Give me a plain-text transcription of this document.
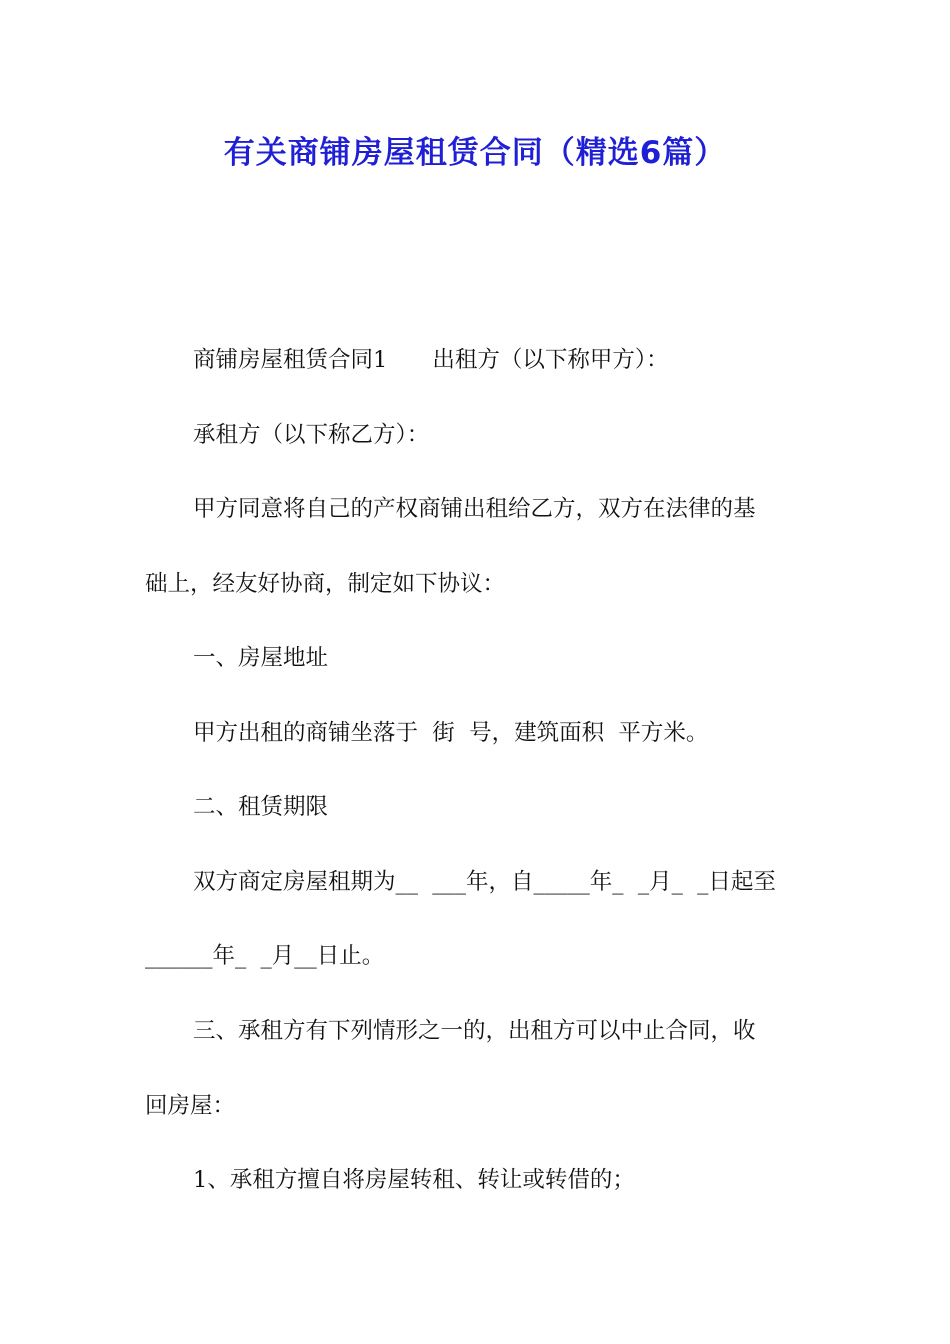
有关商铺房屋租赁合同（精选6篇）

商铺房屋租赁合同1　　出租方（以下称甲方）：

承租方（以下称乙方）：

甲方同意将自己的产权商铺出租给乙方，双方在法律的基

础上，经友好协商，制定如下协议：

一、房屋地址

甲方出租的商铺坐落于  街  号，建筑面积  平方米。

二、租赁期限

双方商定房屋租期为__  ___年，自_____年_  _月_  _日起至

______年_  _月__日止。

三、承租方有下列情形之一的，出租方可以中止合同，收

回房屋：

1、承租方擅自将房屋转租、转让或转借的；
